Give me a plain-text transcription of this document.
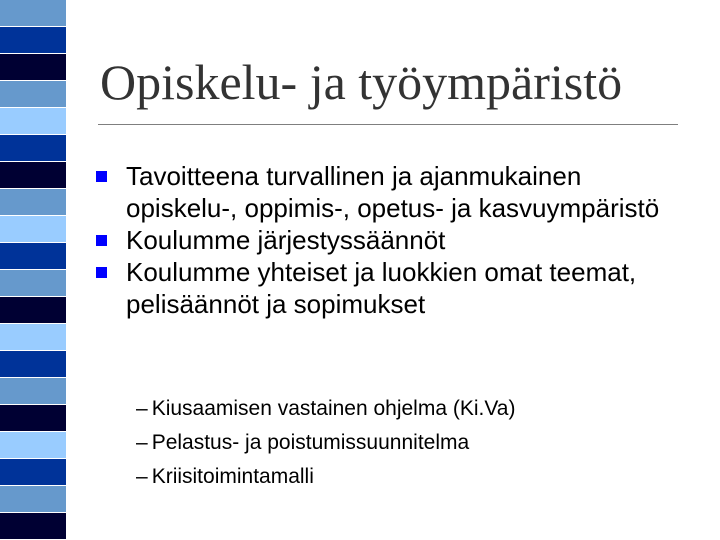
Opiskelu- ja työympäristö
Tavoitteena turvallinen ja ajanmukainen opiskelu-, oppimis-, opetus- ja kasvuympäristö
Koulumme järjestyssäännöt
Koulumme yhteiset ja luokkien omat teemat, pelisäännöt ja sopimukset
– Kiusaamisen vastainen ohjelma (Ki.Va)
– Pelastus- ja poistumissuunnitelma
– Kriisitoimintamalli
